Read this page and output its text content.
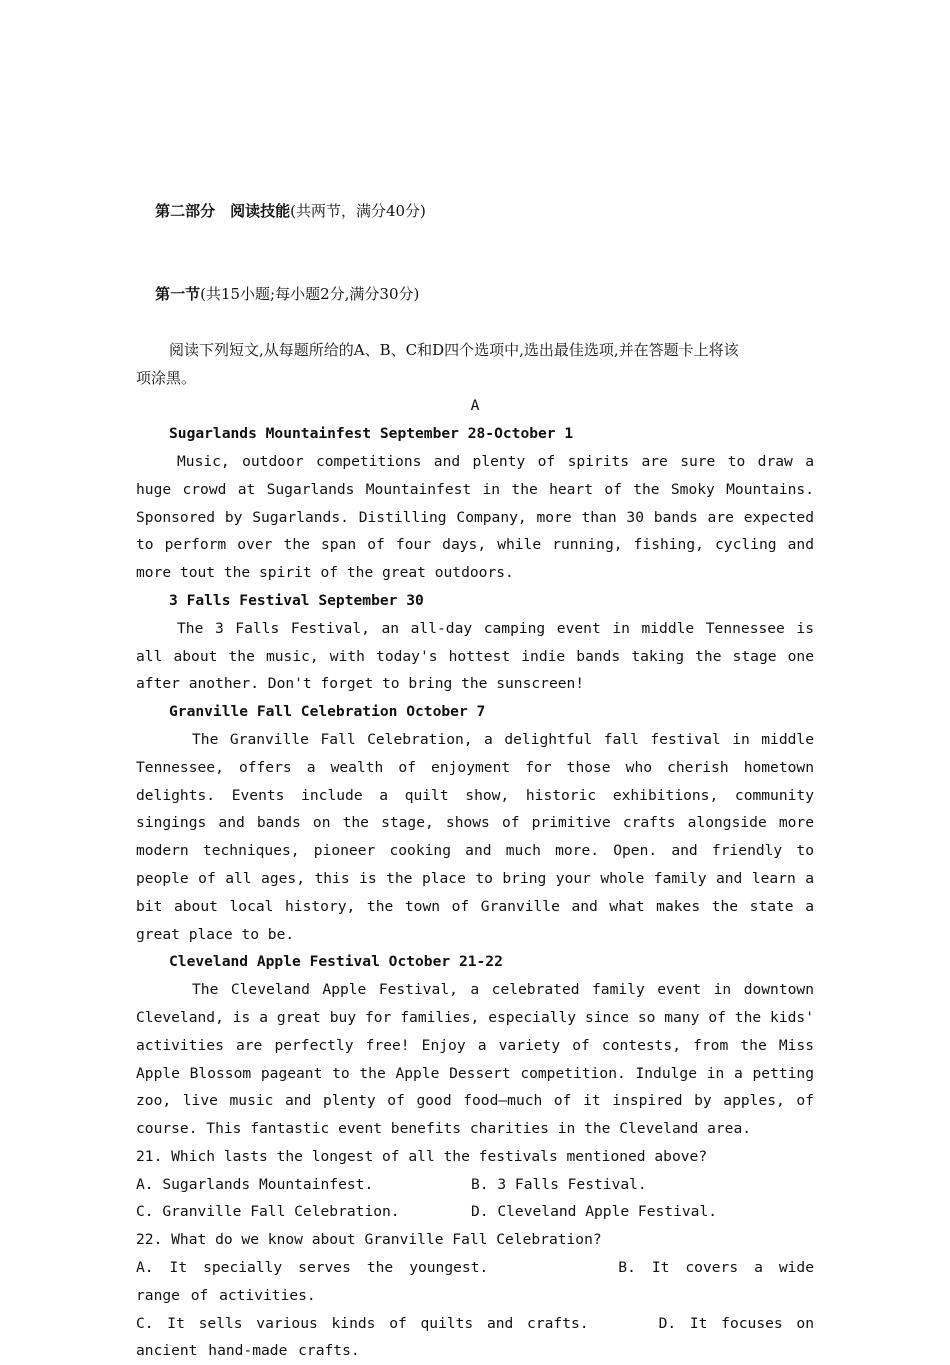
第二部分　阅读技能(共两节，满分40分)

第一节(共15小题;每小题2分,满分30分)

阅读下列短文,从每题所给的A、B、C和D四个选项中,选出最佳选项,并在答题卡上将该
项涂黑。
A
Sugarlands Mountainfest September 28-October 1
Music, outdoor competitions and plenty of spirits are sure to draw a huge crowd at Sugarlands Mountainfest in the heart of the Smoky Mountains. Sponsored by Sugarlands. Distilling Company, more than 30 bands are expected to perform over the span of four days, while running, fishing, cycling and more tout the spirit of the great outdoors.
3 Falls Festival September 30
The 3 Falls Festival, an all-day camping event in middle Tennessee is all about the music, with today's hottest indie bands taking the stage one after another. Don't forget to bring the sunscreen!
Granville Fall Celebration October 7
The Granville Fall Celebration, a delightful fall festival in middle Tennessee, offers a wealth of enjoyment for those who cherish hometown delights. Events include a quilt show, historic exhibitions, community singings and bands on the stage, shows of primitive crafts alongside more modern techniques, pioneer cooking and much more. Open. and friendly to people of all ages, this is the place to bring your whole family and learn a bit about local history, the town of Granville and what makes the state a great place to be.
Cleveland Apple Festival October 21-22
The Cleveland Apple Festival, a celebrated family event in downtown Cleveland, is a great buy for families, especially since so many of the kids' activities are perfectly free! Enjoy a variety of contests, from the Miss Apple Blossom pageant to the Apple Dessert competition. Indulge in a petting zoo, live music and plenty of good food—much of it inspired by apples, of course. This fantastic event benefits charities in the Cleveland area.
21. Which lasts the longest of all the festivals mentioned above?
A. Sugarlands Mountainfest.	B. 3 Falls Festival.
C. Granville Fall Celebration.	D. Cleveland Apple Festival.
22. What do we know about Granville Fall Celebration?
A. It specially serves the youngest.	B. It covers a wide range of activities.
C. It sells various kinds of quilts and crafts.	D. It focuses on ancient hand-made crafts.
